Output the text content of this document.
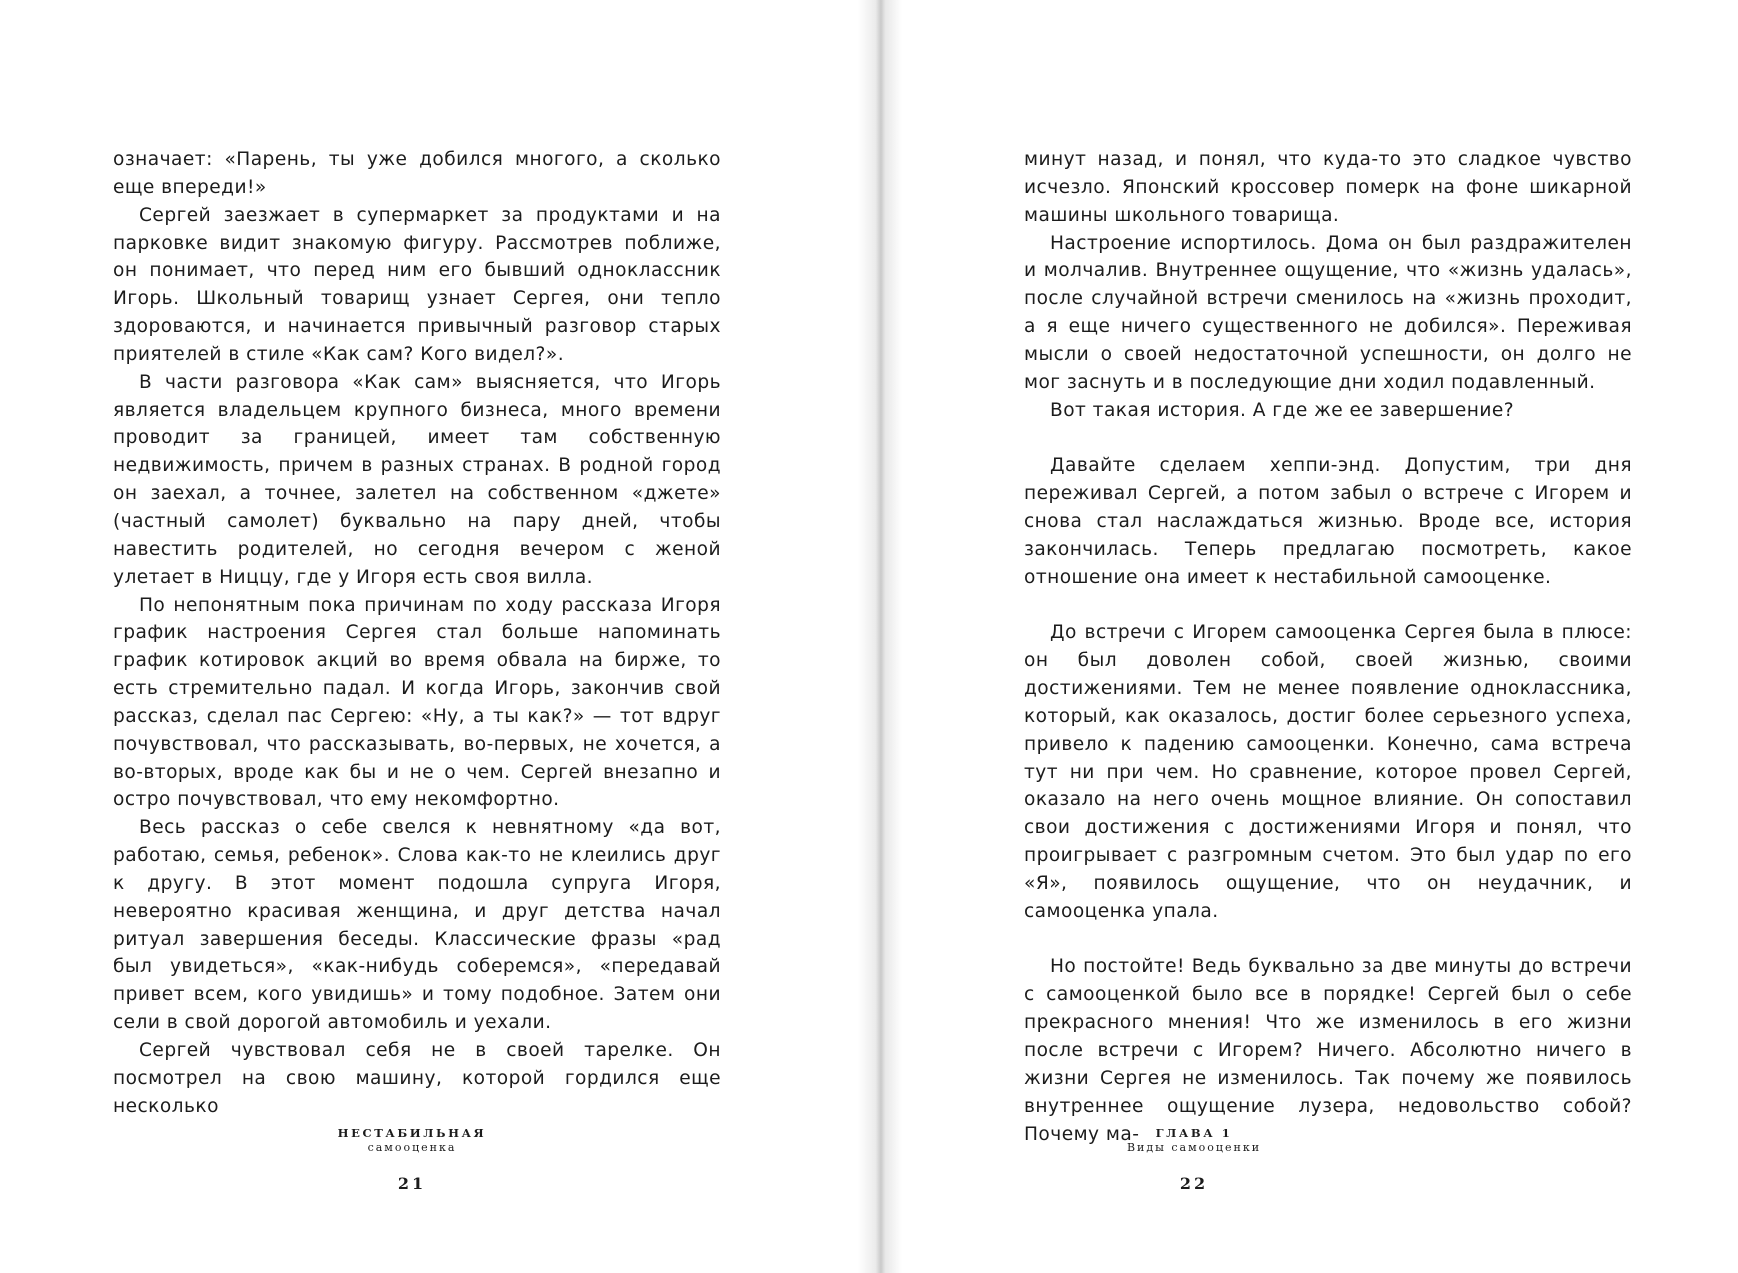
означает: «Парень, ты уже добился многого, а сколько еще впереди!»

Сергей заезжает в супермаркет за продуктами и на парковке видит знакомую фигуру. Рассмотрев поближе, он понимает, что перед ним его бывший одноклассник Игорь. Школьный товарищ узнает Сергея, они тепло здороваются, и начинается привычный разговор старых приятелей в стиле «Как сам? Кого видел?».

В части разговора «Как сам» выясняется, что Игорь является владельцем крупного бизнеса, много времени проводит за границей, имеет там собственную недвижимость, причем в разных странах. В родной город он заехал, а точнее, залетел на собственном «джете» (частный самолет) буквально на пару дней, чтобы навестить родителей, но сегодня вечером с женой улетает в Ниццу, где у Игоря есть своя вилла.

По непонятным пока причинам по ходу рассказа Игоря график настроения Сергея стал больше напоминать график котировок акций во время обвала на бирже, то есть стремительно падал. И когда Игорь, закончив свой рассказ, сделал пас Сергею: «Ну, а ты как?» — тот вдруг почувствовал, что рассказывать, во-первых, не хочется, а во-вторых, вроде как бы и не о чем. Сергей внезапно и остро почувствовал, что ему некомфортно.

Весь рассказ о себе свелся к невнятному «да вот, работаю, семья, ребенок». Слова как-то не клеились друг к другу. В этот момент подошла супруга Игоря, невероятно красивая женщина, и друг детства начал ритуал завершения беседы. Классические фразы «рад был увидеться», «как-нибудь соберемся», «передавай привет всем, кого увидишь» и тому подобное. Затем они сели в свой дорогой автомобиль и уехали.

Сергей чувствовал себя не в своей тарелке. Он посмотрел на свою машину, которой гордился еще несколько

НЕСТАБИЛЬНАЯ
самооценка
21

минут назад, и понял, что куда-то это сладкое чувство исчезло. Японский кроссовер померк на фоне шикарной машины школьного товарища.

Настроение испортилось. Дома он был раздражителен и молчалив. Внутреннее ощущение, что «жизнь удалась», после случайной встречи сменилось на «жизнь проходит, а я еще ничего существенного не добился». Переживая мысли о своей недостаточной успешности, он долго не мог заснуть и в последующие дни ходил подавленный.

Вот такая история. А где же ее завершение?

Давайте сделаем хеппи-энд. Допустим, три дня переживал Сергей, а потом забыл о встрече с Игорем и снова стал наслаждаться жизнью. Вроде все, история закончилась. Теперь предлагаю посмотреть, какое отношение она имеет к нестабильной самооценке.

До встречи с Игорем самооценка Сергея была в плюсе: он был доволен собой, своей жизнью, своими достижениями. Тем не менее появление одноклассника, который, как оказалось, достиг более серьезного успеха, привело к падению самооценки. Конечно, сама встреча тут ни при чем. Но сравнение, которое провел Сергей, оказало на него очень мощное влияние. Он сопоставил свои достижения с достижениями Игоря и понял, что проигрывает с разгромным счетом. Это был удар по его «Я», появилось ощущение, что он неудачник, и самооценка упала.

Но постойте! Ведь буквально за две минуты до встречи с самооценкой было все в порядке! Сергей был о себе прекрасного мнения! Что же изменилось в его жизни после встречи с Игорем? Ничего. Абсолютно ничего в жизни Сергея не изменилось. Так почему же появилось внутреннее ощущение лузера, недовольство собой? Почему ма-	ГЛАВА 1
Виды самооценки
22
